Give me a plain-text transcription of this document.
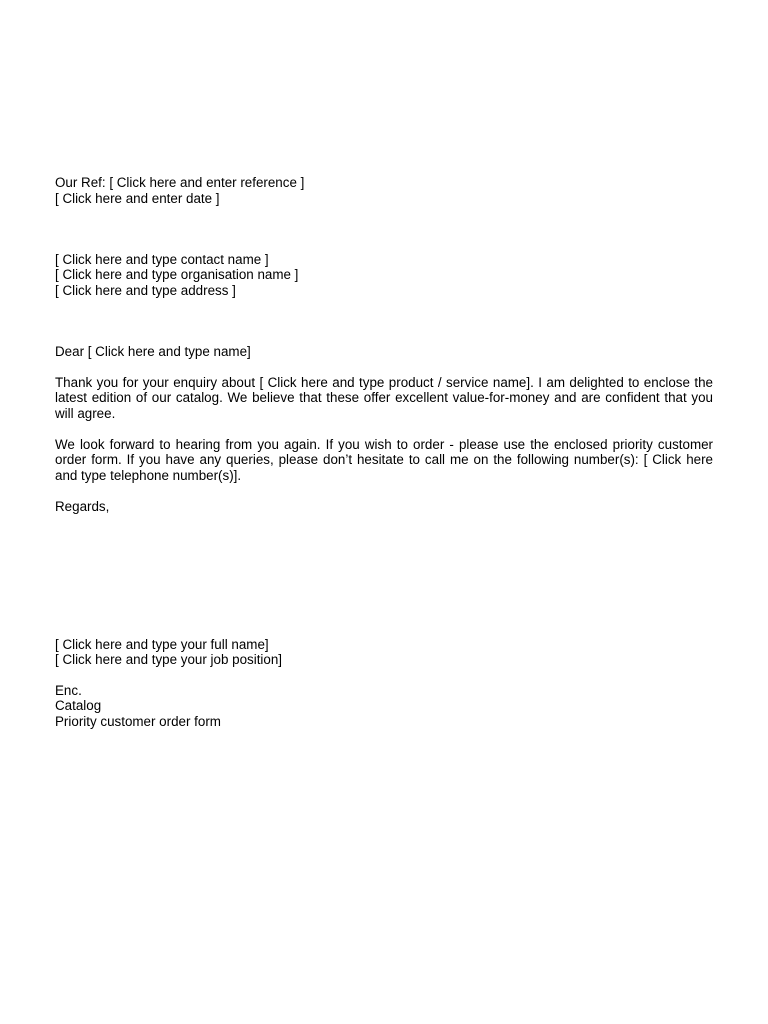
Our Ref: [ Click here and enter reference ]
[ Click here and enter date ]
[ Click here and type contact name ]
[ Click here and type organisation name ]
[ Click here and type address ]
Dear [ Click here and type name]
Thank you for your enquiry about [ Click here and type product / service name]. I am delighted to enclose the latest edition of our catalog. We believe that these offer excellent value-for-money and are confident that you will agree.
We look forward to hearing from you again. If you wish to order - please use the enclosed priority customer order form. If you have any queries, please don’t hesitate to call me on the following number(s): [ Click here and type telephone number(s)].
Regards,
[ Click here and type your full name]
[ Click here and type your job position]
Enc.
Catalog
Priority customer order form
